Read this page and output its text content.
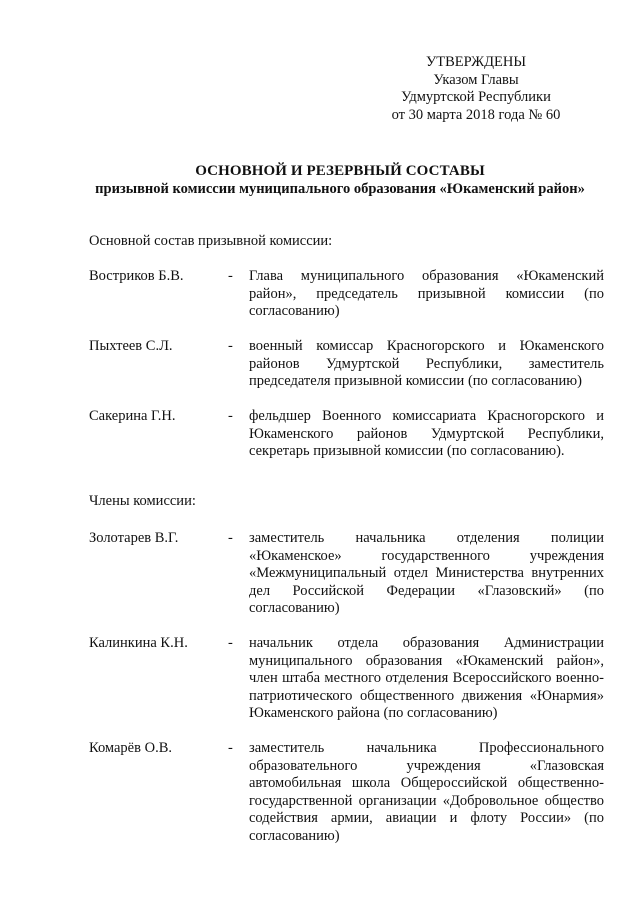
УТВЕРЖДЕНЫ
Указом Главы
Удмуртской Республики
от 30 марта 2018 года № 60
ОСНОВНОЙ И РЕЗЕРВНЫЙ СОСТАВЫ
призывной комиссии муниципального образования «Юкаменский район»
Основной состав призывной комиссии:
Востриков Б.В.	- Глава муниципального образования «Юкаменский район», председатель призывной комиссии (по согласованию)
Пыхтеев С.Л.	- военный комиссар Красногорского и Юкаменского районов Удмуртской Республики, заместитель председателя призывной комиссии (по согласованию)
Сакерина Г.Н.	- фельдшер Военного комиссариата Красногорского и Юкаменского районов Удмуртской Республики, секретарь призывной комиссии (по согласованию).
Члены комиссии:
Золотарев В.Г.	- заместитель начальника отделения полиции «Юкаменское» государственного учреждения «Межмуниципальный отдел Министерства внутренних дел Российской Федерации «Глазовский» (по согласованию)
Калинкина К.Н.	- начальник отдела образования Администрации муниципального образования «Юкаменский район», член штаба местного отделения Всероссийского военно-патриотического общественного движения «Юнармия» Юкаменского района (по согласованию)
Комарёв О.В.	- заместитель начальника Профессионального образовательного учреждения «Глазовская автомобильная школа Общероссийской общественно-государственной организации «Добровольное общество содействия армии, авиации и флоту России» (по согласованию)
